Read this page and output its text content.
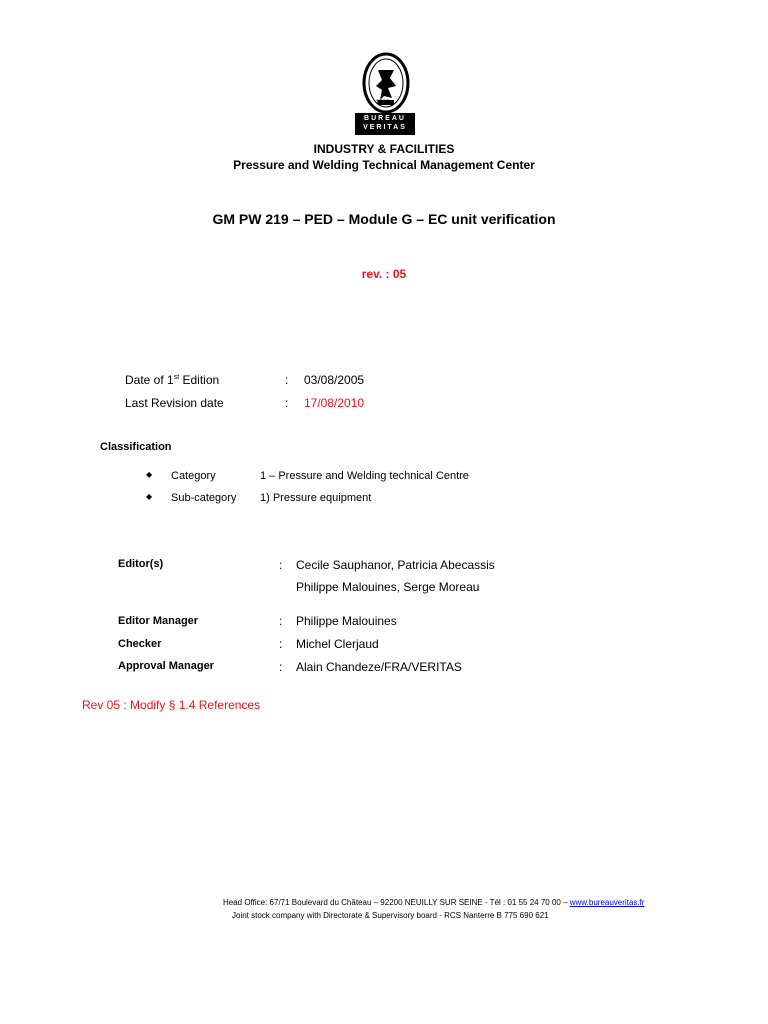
BUREAU
VERITAS
1828
INDUSTRY & FACILITIES
Pressure and Welding Technical Management Center
GM PW 219 – PED – Module G – EC unit verification
rev. : 05
Date of 1st Edition	: 03/08/2005
Last Revision date	: 17/08/2010
Classification
◆ Category	1 – Pressure and Welding technical Centre
◆ Sub-category 1) Pressure equipment
Editor(s)	: Cecile Sauphanor, Patricia Abecassis
Philippe Malouines, Serge Moreau
Editor Manager	: Philippe Malouines
Checker	: Michel Clerjaud
Approval Manager	: Alain Chandeze/FRA/VERITAS
Rev 05 : Modify § 1.4 References
Head Office: 67/71 Boulevard du Château – 92200 NEUILLY SUR SEINE - Tél : 01 55 24 70 00 – www.bureauveritas.fr
Joint stock company with Directorate & Supervisory board - RCS Nanterre B 775 690 621
